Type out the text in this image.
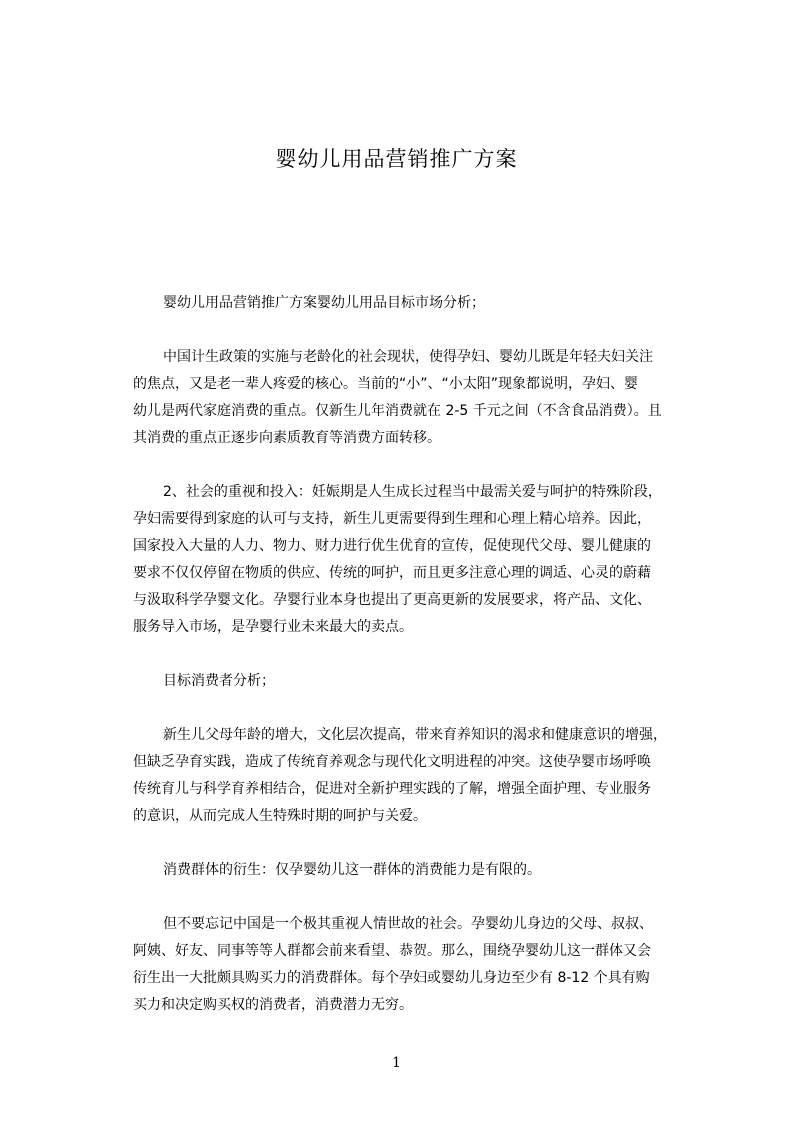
婴幼儿用品营销推广方案
婴幼儿用品营销推广方案婴幼儿用品目标市场分析；
中国计生政策的实施与老龄化的社会现状，使得孕妇、婴幼儿既是年轻夫妇关注
的焦点，又是老一辈人疼爱的核心。当前的“小”、“小太阳”现象都说明，孕妇、婴
幼儿是两代家庭消费的重点。仅新生儿年消费就在 2-5 千元之间（不含食品消费）。且
其消费的重点正逐步向素质教育等消费方面转移。
2、社会的重视和投入：妊娠期是人生成长过程当中最需关爱与呵护的特殊阶段，
孕妇需要得到家庭的认可与支持，新生儿更需要得到生理和心理上精心培养。因此，
国家投入大量的人力、物力、财力进行优生优育的宣传，促使现代父母、婴儿健康的
要求不仅仅停留在物质的供应、传统的呵护，而且更多注意心理的调适、心灵的蔚藉
与汲取科学孕婴文化。孕婴行业本身也提出了更高更新的发展要求，将产品、文化、
服务导入市场，是孕婴行业未来最大的卖点。
目标消费者分析；
新生儿父母年龄的增大，文化层次提高，带来育养知识的渴求和健康意识的增强，
但缺乏孕育实践，造成了传统育养观念与现代化文明进程的冲突。这使孕婴市场呼唤
传统育儿与科学育养相结合，促进对全新护理实践的了解，增强全面护理、专业服务
的意识，从而完成人生特殊时期的呵护与关爱。
消费群体的衍生：仅孕婴幼儿这一群体的消费能力是有限的。
但不要忘记中国是一个极其重视人情世故的社会。孕婴幼儿身边的父母、叔叔、
阿姨、好友、同事等等人群都会前来看望、恭贺。那么，围绕孕婴幼儿这一群体又会
衍生出一大批颇具购买力的消费群体。每个孕妇或婴幼儿身边至少有 8-12 个具有购
买力和决定购买权的消费者，消费潜力无穷。
1
